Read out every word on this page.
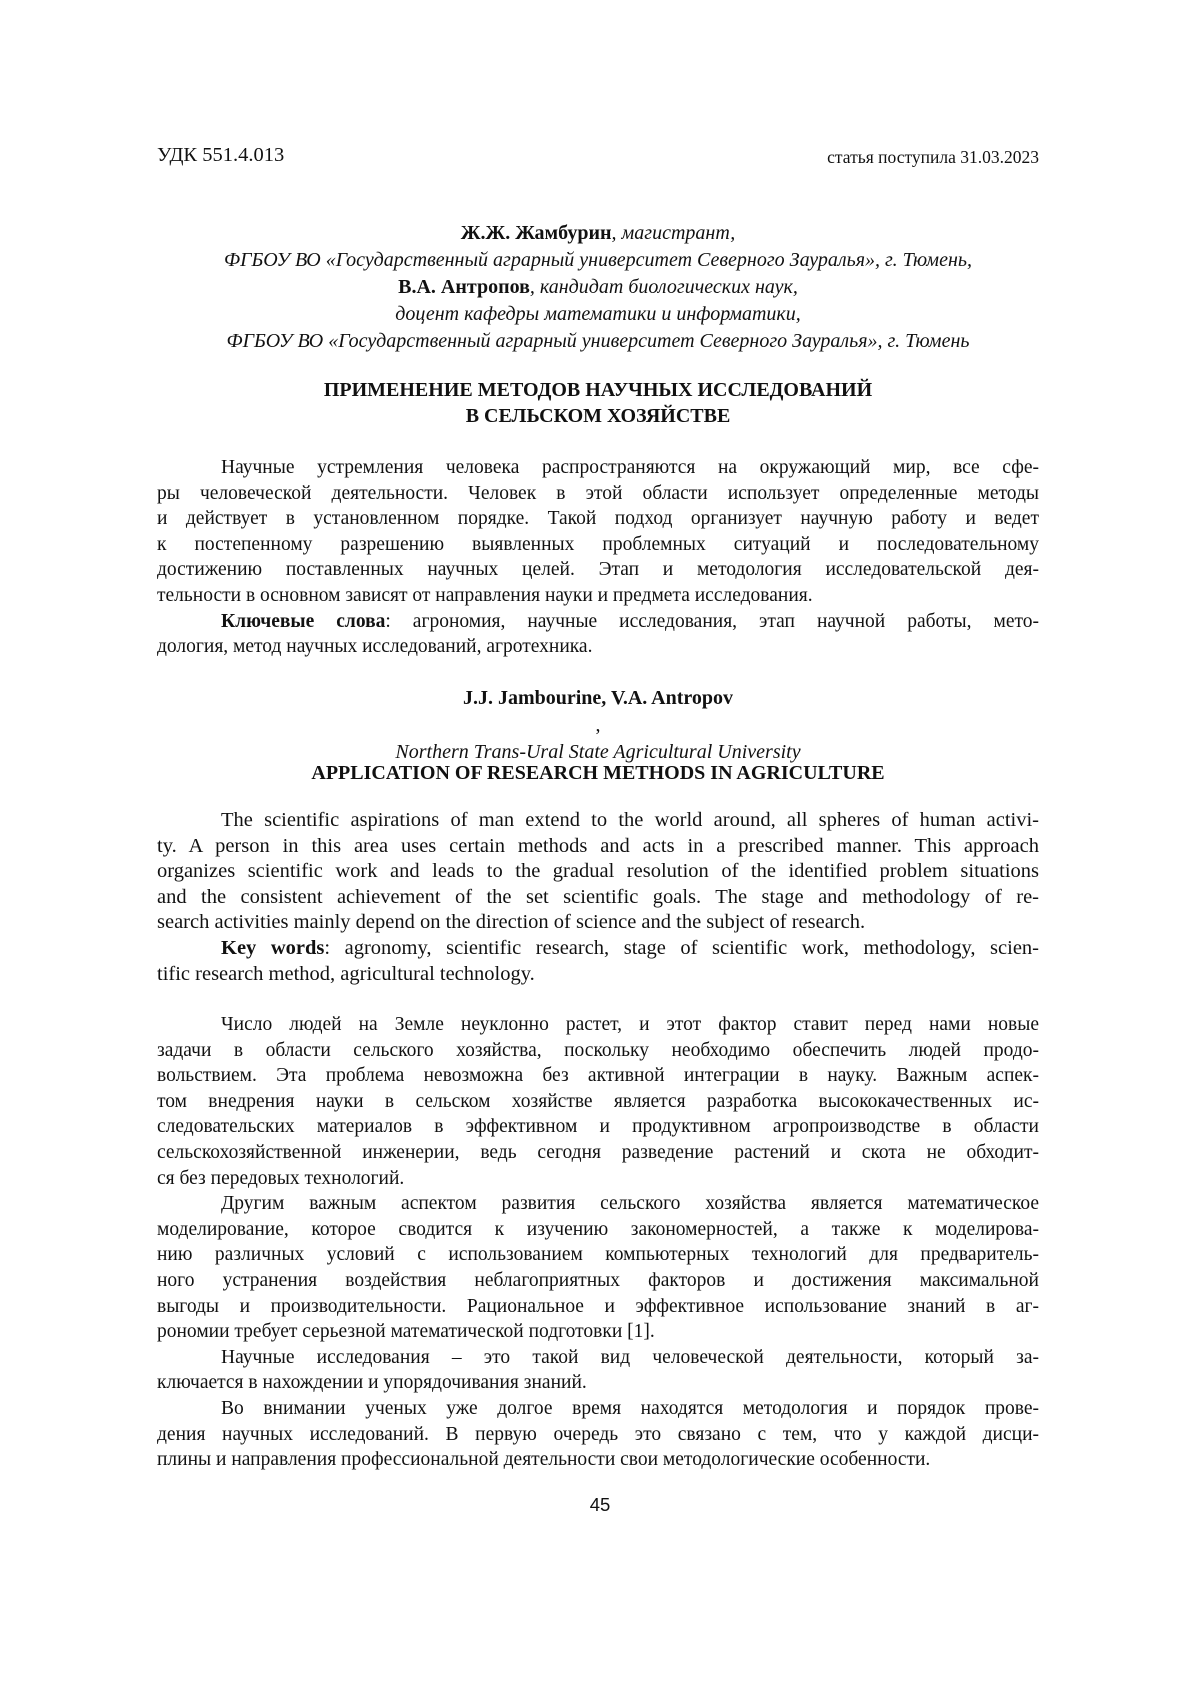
УДК 551.4.013	статья поступила 31.03.2023
Ж.Ж. Жамбурин, магистрант,
ФГБОУ ВО «Государственный аграрный университет Северного Зауралья», г. Тюмень,
В.А. Антропов, кандидат биологических наук,
доцент кафедры математики и информатики,
ФГБОУ ВО «Государственный аграрный университет Северного Зауралья», г. Тюмень
ПРИМЕНЕНИЕ МЕТОДОВ НАУЧНЫХ ИССЛЕДОВАНИЙ
В СЕЛЬСКОМ ХОЗЯЙСТВЕ
Научные устремления человека распространяются на окружающий мир, все сфе-
ры человеческой деятельности. Человек в этой области использует определенные методы
и действует в установленном порядке. Такой подход организует научную работу и ведет
к постепенному разрешению выявленных проблемных ситуаций и последовательному
достижению поставленных научных целей. Этап и методология исследовательской дея-
тельности в основном зависят от направления науки и предмета исследования.
Ключевые слова: агрономия, научные исследования, этап научной работы, мето-
дология, метод научных исследований, агротехника.
J.J. Jambourine, V.A. Antropov
,
Northern Trans-Ural State Agricultural University
APPLICATION OF RESEARCH METHODS IN AGRICULTURE
The scientific aspirations of man extend to the world around, all spheres of human activi-
ty. A person in this area uses certain methods and acts in a prescribed manner. This approach
organizes scientific work and leads to the gradual resolution of the identified problem situations
and the consistent achievement of the set scientific goals. The stage and methodology of re-
search activities mainly depend on the direction of science and the subject of research.
Key words: agronomy, scientific research, stage of scientific work, methodology, scien-
tific research method, agricultural technology.
Число людей на Земле неуклонно растет, и этот фактор ставит перед нами новые
задачи в области сельского хозяйства, поскольку необходимо обеспечить людей продо-
вольствием. Эта проблема невозможна без активной интеграции в науку. Важным аспек-
том внедрения науки в сельском хозяйстве является разработка высококачественных ис-
следовательских материалов в эффективном и продуктивном агропроизводстве в области
сельскохозяйственной инженерии, ведь сегодня разведение растений и скота не обходит-
ся без передовых технологий.
Другим важным аспектом развития сельского хозяйства является математическое
моделирование, которое сводится к изучению закономерностей, а также к моделирова-
нию различных условий с использованием компьютерных технологий для предваритель-
ного устранения воздействия неблагоприятных факторов и достижения максимальной
выгоды и производительности. Рациональное и эффективное использование знаний в аг-
рономии требует серьезной математической подготовки [1].
Научные исследования – это такой вид человеческой деятельности, который за-
ключается в нахождении и упорядочивания знаний.
Во внимании ученых уже долгое время находятся методология и порядок прове-
дения научных исследований. В первую очередь это связано с тем, что у каждой дисци-
плины и направления профессиональной деятельности свои методологические особенности.
45
